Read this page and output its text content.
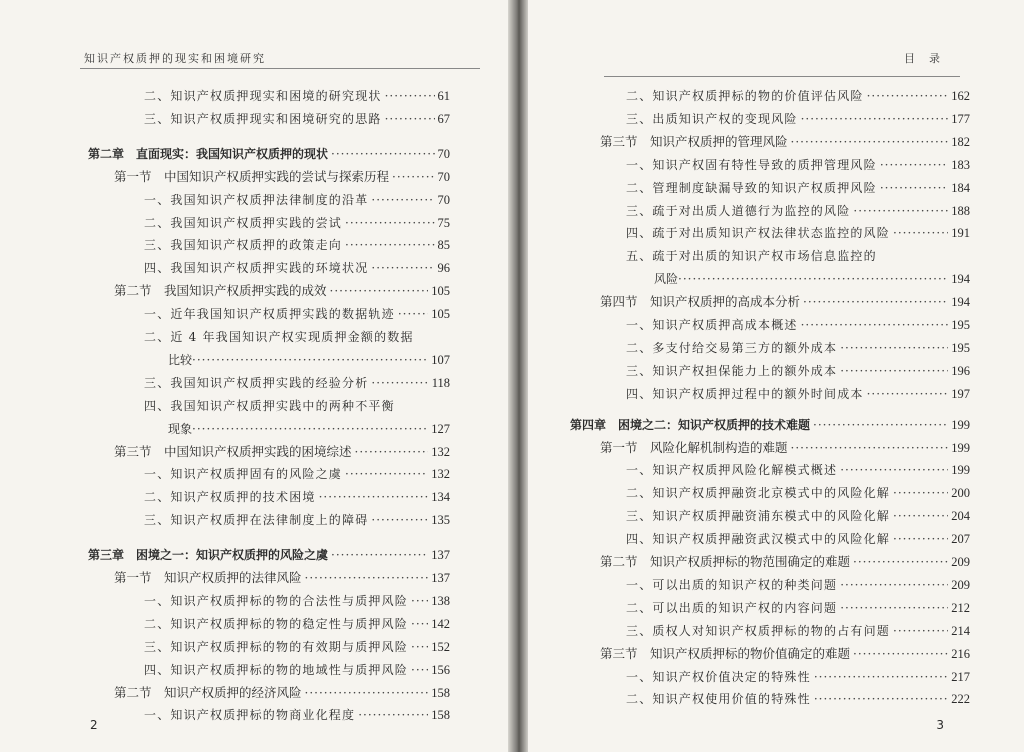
知识产权质押的现实和困境研究
二、知识产权质押现实和困境的研究现状 ·····	61
三、知识产权质押现实和困境研究的思路 ·····	67
第二章　直面现实：我国知识产权质押的现状 ·····	70
第一节　中国知识产权质押实践的尝试与探索历程 ·····	70
一、我国知识产权质押法律制度的沿革 ·····	70
二、我国知识产权质押实践的尝试 ·····	75
三、我国知识产权质押的政策走向 ·····	85
四、我国知识产权质押实践的环境状况 ·····	96
第二节　我国知识产权质押实践的成效 ·····	105
一、近年我国知识产权质押实践的数据轨迹 ·····	105
二、近 4 年我国知识产权实现质押金额的数据
比较 ·····	107
三、我国知识产权质押实践的经验分析 ·····	118
四、我国知识产权质押实践中的两种不平衡
现象 ·····	127
第三节　中国知识产权质押实践的困境综述 ·····	132
一、知识产权质押固有的风险之虞 ·····	132
二、知识产权质押的技术困境 ·····	134
三、知识产权质押在法律制度上的障碍 ·····	135
第三章　困境之一：知识产权质押的风险之虞 ·····	137
第一节　知识产权质押的法律风险 ·····	137
一、知识产权质押标的物的合法性与质押风险 ····· 138
二、知识产权质押标的物的稳定性与质押风险 ····· 142
三、知识产权质押标的物的有效期与质押风险 ····· 152
四、知识产权质押标的物的地域性与质押风险 ····· 156
第二节　知识产权质押的经济风险 ·····	158
一、知识产权质押标的物商业化程度 ·····	158
2
目录
二、知识产权质押标的物的价值评估风险 ·····	162
三、出质知识产权的变现风险 ·····	177
第三节　知识产权质押的管理风险 ·····	182
一、知识产权固有特性导致的质押管理风险 ·····	183
二、管理制度缺漏导致的知识产权质押风险 ·····	184
三、疏于对出质人道德行为监控的风险 ·····	188
四、疏于对出质知识产权法律状态监控的风险 ·····	191
五、疏于对出质的知识产权市场信息监控的
风险 ·····	194
第四节　知识产权质押的高成本分析 ·····	194
一、知识产权质押高成本概述 ·····	195
二、多支付给交易第三方的额外成本 ·····	195
三、知识产权担保能力上的额外成本 ·····	196
四、知识产权质押过程中的额外时间成本 ·····	197
第四章　困境之二：知识产权质押的技术难题 ·····	199
第一节　风险化解机制构造的难题 ·····	199
一、知识产权质押风险化解模式概述 ·····	199
二、知识产权质押融资北京模式中的风险化解 ·····	200
三、知识产权质押融资浦东模式中的风险化解 ·····	204
四、知识产权质押融资武汉模式中的风险化解 ·····	207
第二节　知识产权质押标的物范围确定的难题 ·····	209
一、可以出质的知识产权的种类问题 ·····	209
二、可以出质的知识产权的内容问题 ·····	212
三、质权人对知识产权质押标的物的占有问题 ·····	214
第三节　知识产权质押标的物价值确定的难题 ·····	216
一、知识产权价值决定的特殊性 ·····	217
二、知识产权使用价值的特殊性 ·····	222
3
